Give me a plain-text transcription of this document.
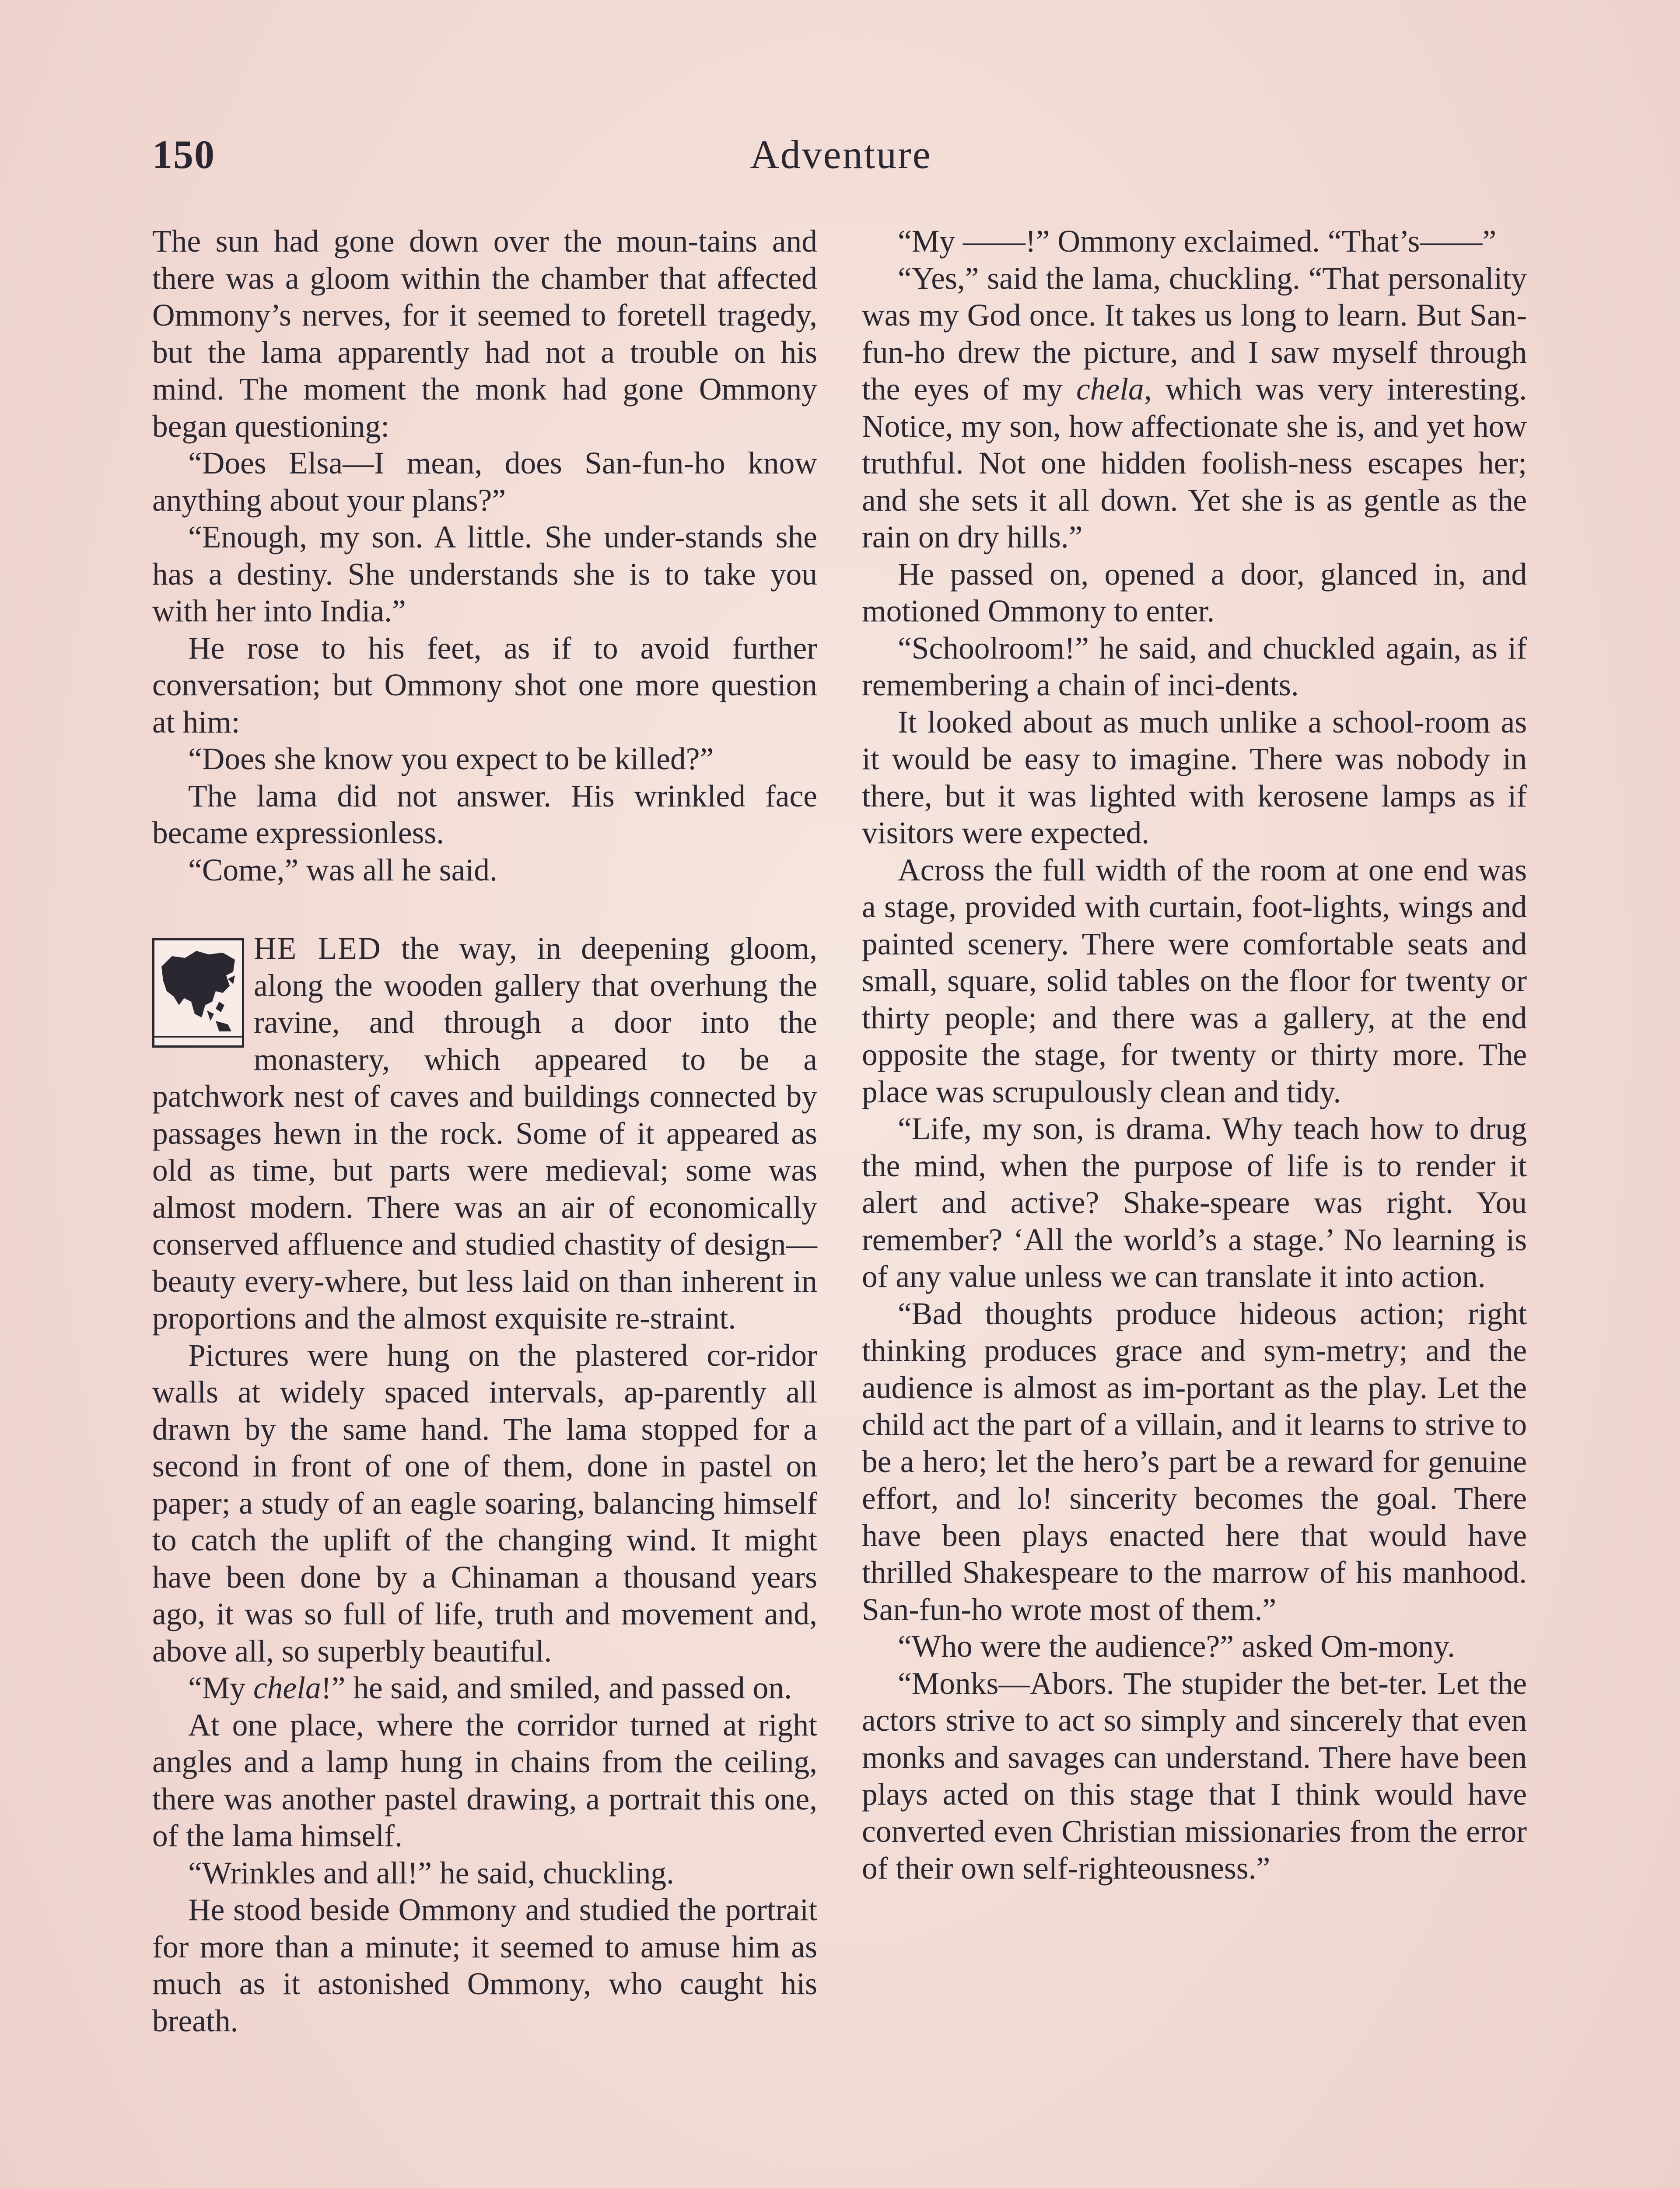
150	Adventure

The sun had gone down over the moun-tains and there was a gloom within the chamber that affected Ommony’s nerves, for it seemed to foretell tragedy, but the lama apparently had not a trouble on his mind. The moment the monk had gone Ommony began questioning:

“Does Elsa—I mean, does San-fun-ho know anything about your plans?”

“Enough, my son. A little. She under-stands she has a destiny. She understands she is to take you with her into India.”

He rose to his feet, as if to avoid further conversation; but Ommony shot one more question at him:

“Does she know you expect to be killed?”

The lama did not answer. His wrinkled face became expressionless.

“Come,” was all he said.

HE LED the way, in deepening gloom, along the wooden gallery that overhung the ravine, and through a door into the monastery, which appeared to be a patchwork nest of caves and buildings connected by passages hewn in the rock. Some of it appeared as old as time, but parts were medieval; some was almost modern. There was an air of economically conserved affluence and studied chastity of design—beauty every-where, but less laid on than inherent in proportions and the almost exquisite re-straint.

Pictures were hung on the plastered cor-ridor walls at widely spaced intervals, ap-parently all drawn by the same hand. The lama stopped for a second in front of one of them, done in pastel on paper; a study of an eagle soaring, balancing himself to catch the uplift of the changing wind. It might have been done by a Chinaman a thousand years ago, it was so full of life, truth and movement and, above all, so superbly beautiful.

“My chela!” he said, and smiled, and passed on.

At one place, where the corridor turned at right angles and a lamp hung in chains from the ceiling, there was another pastel drawing, a portrait this one, of the lama himself.

“Wrinkles and all!” he said, chuckling.

He stood beside Ommony and studied the portrait for more than a minute; it seemed to amuse him as much as it astonished Ommony, who caught his breath.

“My ——!” Ommony exclaimed. “That’s——”

“Yes,” said the lama, chuckling. “That personality was my God once. It takes us long to learn. But San-fun-ho drew the picture, and I saw myself through the eyes of my chela, which was very interesting. Notice, my son, how affectionate she is, and yet how truthful. Not one hidden foolish-ness escapes her; and she sets it all down. Yet she is as gentle as the rain on dry hills.”

He passed on, opened a door, glanced in, and motioned Ommony to enter.

“Schoolroom!” he said, and chuckled again, as if remembering a chain of inci-dents.

It looked about as much unlike a school-room as it would be easy to imagine. There was nobody in there, but it was lighted with kerosene lamps as if visitors were expected.

Across the full width of the room at one end was a stage, provided with curtain, foot-lights, wings and painted scenery. There were comfortable seats and small, square, solid tables on the floor for twenty or thirty people; and there was a gallery, at the end opposite the stage, for twenty or thirty more. The place was scrupulously clean and tidy.

“Life, my son, is drama. Why teach how to drug the mind, when the purpose of life is to render it alert and active? Shake-speare was right. You remember? ‘All the world’s a stage.’ No learning is of any value unless we can translate it into action.

“Bad thoughts produce hideous action; right thinking produces grace and sym-metry; and the audience is almost as im-portant as the play. Let the child act the part of a villain, and it learns to strive to be a hero; let the hero’s part be a reward for genuine effort, and lo! sincerity becomes the goal. There have been plays enacted here that would have thrilled Shakespeare to the marrow of his manhood. San-fun-ho wrote most of them.”

“Who were the audience?” asked Om-mony.

“Monks—Abors. The stupider the bet-ter. Let the actors strive to act so simply and sincerely that even monks and savages can understand. There have been plays acted on this stage that I think would have converted even Christian missionaries from the error of their own self-righteousness.”
